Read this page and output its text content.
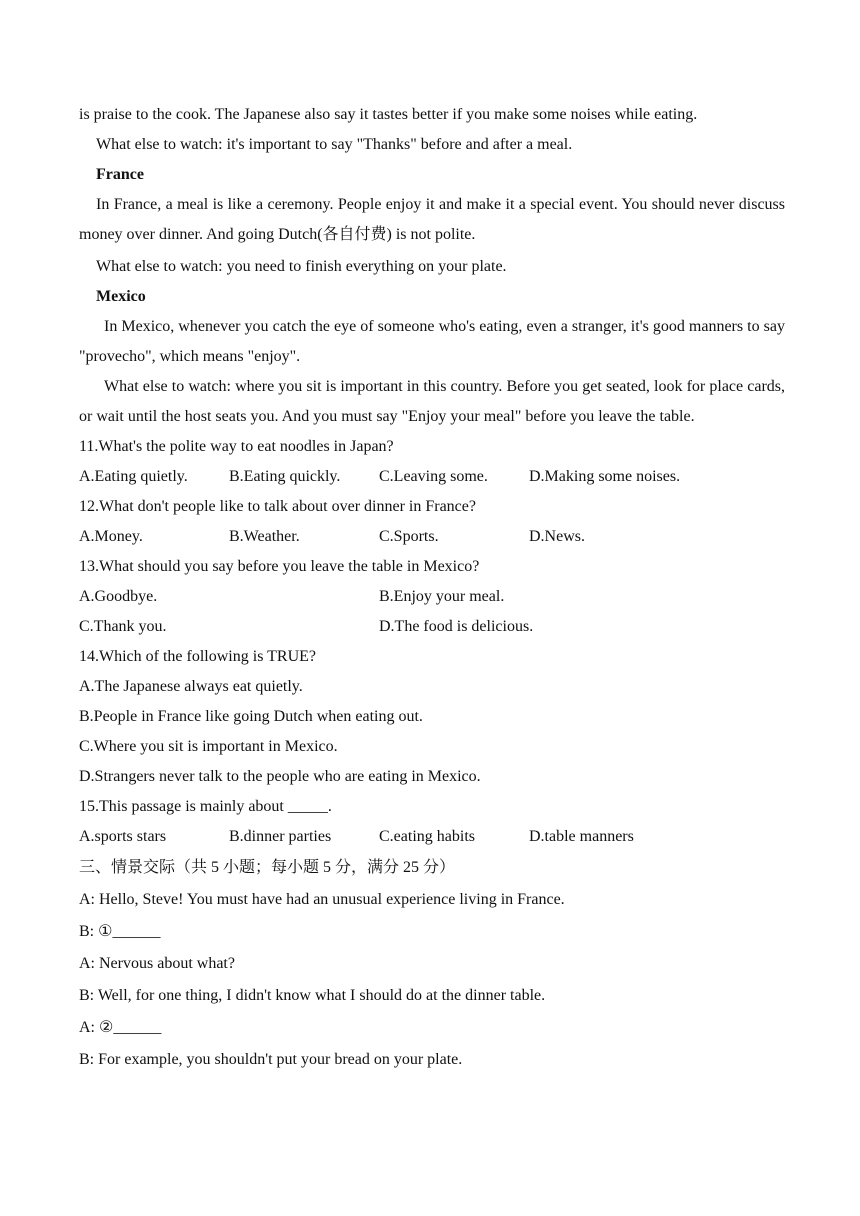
is praise to the cook. The Japanese also say it tastes better if you make some noises while eating.
What else to watch: it's important to say "Thanks" before and after a meal.
France
In France, a meal is like a ceremony. People enjoy it and make it a special event. You should never discuss money over dinner. And going Dutch(各自付费) is not polite.
What else to watch: you need to finish everything on your plate.
Mexico
In Mexico, whenever you catch the eye of someone who's eating, even a stranger, it's good manners to say "provecho", which means "enjoy".
What else to watch: where you sit is important in this country. Before you get seated, look for place cards, or wait until the host seats you. And you must say "Enjoy your meal" before you leave the table.
11.What's the polite way to eat noodles in Japan?
A.Eating quietly.	B.Eating quickly.	C.Leaving some.	D.Making some noises.
12.What don't people like to talk about over dinner in France?
A.Money.	B.Weather.	C.Sports.	D.News.
13.What should you say before you leave the table in Mexico?
A.Goodbye.	B.Enjoy your meal.
C.Thank you.	D.The food is delicious.
14.Which of the following is TRUE?
A.The Japanese always eat quietly.
B.People in France like going Dutch when eating out.
C.Where you sit is important in Mexico.
D.Strangers never talk to the people who are eating in Mexico.
15.This passage is mainly about _____.
A.sports stars	B.dinner parties	C.eating habits	D.table manners
三、情景交际（共 5 小题；每小题 5 分，满分 25 分）
A: Hello, Steve! You must have had an unusual experience living in France.
B: ①______
A: Nervous about what?
B: Well, for one thing, I didn't know what I should do at the dinner table.
A: ②______
B: For example, you shouldn't put your bread on your plate.
